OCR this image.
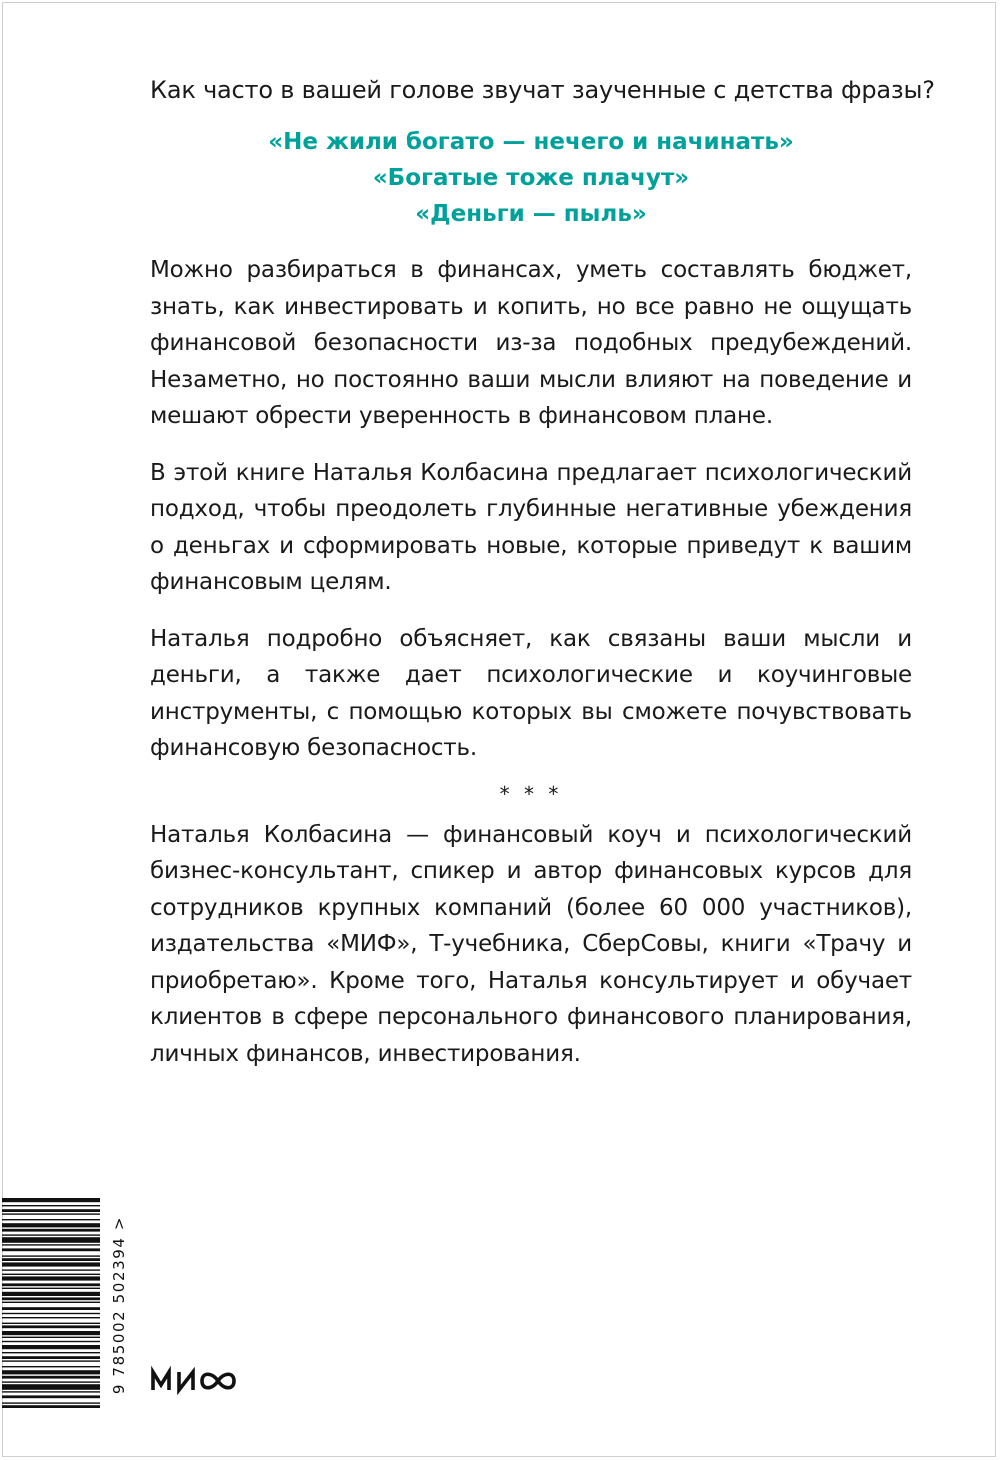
Как часто в вашей голове звучат заученные с детства фразы?

«Не жили богато — нечего и начинать»
«Богатые тоже плачут»
«Деньги — пыль»

Можно разбираться в финансах, уметь составлять бюджет, знать, как инвестировать и копить, но все равно не ощущать финансовой безопасности из-за подобных предубеждений. Незаметно, но постоянно ваши мысли влияют на поведение и мешают обрести уверенность в финансовом плане.

В этой книге Наталья Колбасина предлагает психологический подход, чтобы преодолеть глубинные негативные убеждения о деньгах и сформировать новые, которые приведут к вашим финансовым целям.

Наталья подробно объясняет, как связаны ваши мысли и деньги, а также дает психологические и коучинговые инструменты, с помощью которых вы сможете почувствовать финансовую безопасность.

* * *

Наталья Колбасина — финансовый коуч и психологический бизнес-консультант, спикер и автор финансовых курсов для сотрудников крупных компаний (более 60 000 участников), издательства «МИФ», Т-учебника, СберСовы, книги «Трачу и приобретаю». Кроме того, Наталья консультирует и обучает клиентов в сфере персонального финансового планирования, личных финансов, инвестирования.

9 785002 502394 >
